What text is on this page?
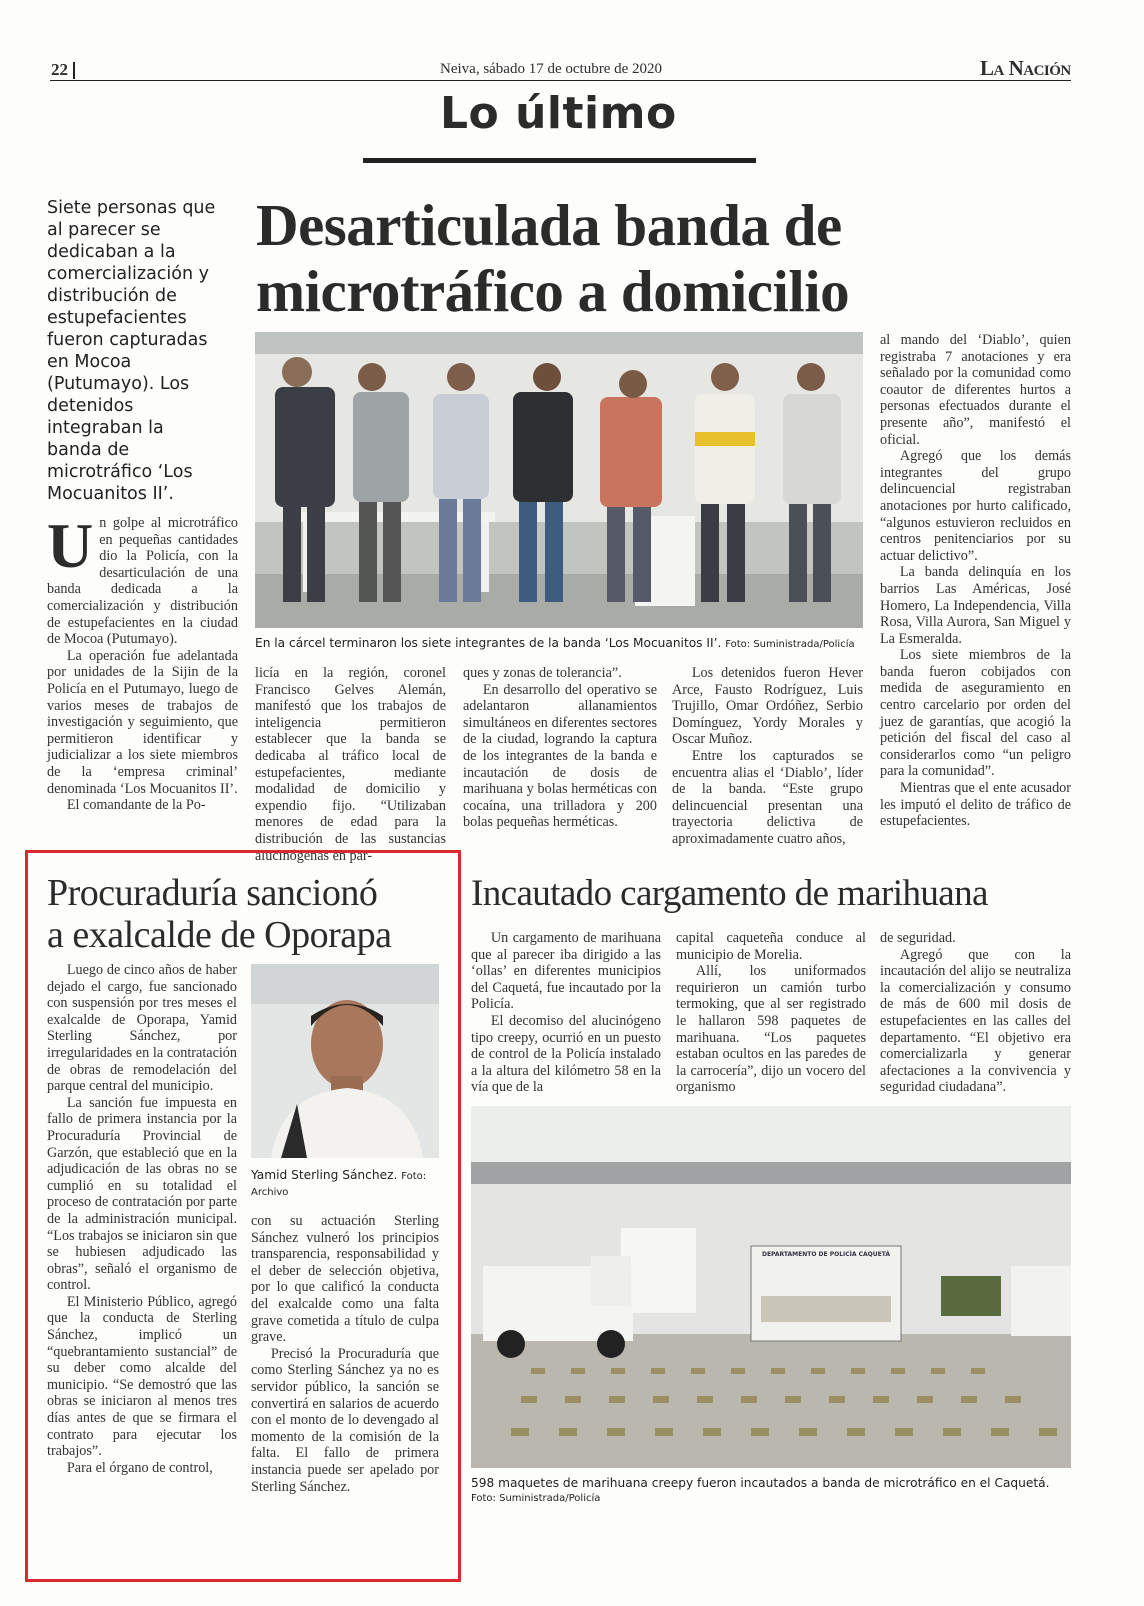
22	Neiva, sábado 17 de octubre de 2020	La Nación
Lo último
Siete personas que al parecer se dedicaban a la comercialización y distribución de estupefacientes fueron capturadas en Mocoa (Putumayo). Los detenidos integraban la banda de microtráfico ‘Los Mocuanitos II’.
Desarticulada banda de
microtráfico a domicilio
En la cárcel terminaron los siete integrantes de la banda ‘Los Mocuanitos II’. Foto: Suministrada/Policía
U n golpe al microtráfico en pequeñas cantidades dio la Policía, con la desarticulación de una banda dedicada a la comercialización y distribución de estupefacientes en la ciudad de Mocoa (Putumayo).

La operación fue adelantada por unidades de la Sijin de la Policía en el Putumayo, luego de varios meses de trabajos de investigación y seguimiento, que permitieron identificar y judicializar a los siete miembros de la ‘empresa criminal’ denominada ‘Los Mocuanitos II’.

El comandante de la Po-

licía en la región, coronel Francisco Gelves Alemán, manifestó que los trabajos de inteligencia permitieron establecer que la banda se dedicaba al tráfico local de estupefacientes, mediante modalidad de domicilio y expendio fijo. “Utilizaban menores de edad para la distribución de las sustancias alucinógenas en par-

ques y zonas de tolerancia”.

En desarrollo del operativo se adelantaron allanamientos simultáneos en diferentes sectores de la ciudad, logrando la captura de los integrantes de la banda e incautación de dosis de marihuana y bolas herméticas con cocaína, una trilladora y 200 bolas pequeñas herméticas.

Los detenidos fueron Hever Arce, Fausto Rodríguez, Luis Trujillo, Omar Ordóñez, Serbio Domínguez, Yordy Morales y Oscar Muñoz.

Entre los capturados se encuentra alias el ‘Diablo’, líder de la banda. “Este grupo delincuencial presentan una trayectoria delictiva de aproximadamente cuatro años,

al mando del ‘Diablo’, quien registraba 7 anotaciones y era señalado por la comunidad como coautor de diferentes hurtos a personas efectuados durante el presente año”, manifestó el oficial.

Agregó que los demás integrantes del grupo delincuencial registraban anotaciones por hurto calificado, “algunos estuvieron recluidos en centros penitenciarios por su actuar delictivo”.

La banda delinquía en los barrios Las Américas, José Homero, La Independencia, Villa Rosa, Villa Aurora, San Miguel y La Esmeralda.

Los siete miembros de la banda fueron cobijados con medida de aseguramiento en centro carcelario por orden del juez de garantías, que acogió la petición del fiscal del caso al considerarlos como “un peligro para la comunidad”.

Mientras que el ente acusador les imputó el delito de tráfico de estupefacientes.

Procuraduría sancionó
a exalcalde de Oporapa
Yamid Sterling Sánchez. Foto: Archivo

Luego de cinco años de haber dejado el cargo, fue sancionado con suspensión por tres meses el exalcalde de Oporapa, Yamid Sterling Sánchez, por irregularidades en la contratación de obras de remodelación del parque central del municipio.

La sanción fue impuesta en fallo de primera instancia por la Procuraduría Provincial de Garzón, que estableció que en la adjudicación de las obras no se cumplió en su totalidad el proceso de contratación por parte de la administración municipal. “Los trabajos se iniciaron sin que se hubiesen adjudicado las obras”, señaló el organismo de control.

El Ministerio Público, agregó que la conducta de Sterling Sánchez, implicó un “quebrantamiento sustancial” de su deber como alcalde del municipio. “Se demostró que las obras se iniciaron al menos tres días antes de que se firmara el contrato para ejecutar los trabajos”.

Para el órgano de control,

con su actuación Sterling Sánchez vulneró los principios transparencia, responsabilidad y el deber de selección objetiva, por lo que calificó la conducta del exalcalde como una falta grave cometida a título de culpa grave.

Precisó la Procuraduría que como Sterling Sánchez ya no es servidor público, la sanción se convertirá en salarios de acuerdo con el monto de lo devengado al momento de la comisión de la falta. El fallo de primera instancia puede ser apelado por Sterling Sánchez.

Incautado cargamento de marihuana

Un cargamento de marihuana que al parecer iba dirigido a las ‘ollas’ en diferentes municipios del Caquetá, fue incautado por la Policía.

El decomiso del alucinógeno tipo creepy, ocurrió en un puesto de control de la Policía instalado a la altura del kilómetro 58 en la vía que de la

capital caqueteña conduce al municipio de Morelia.

Allí, los uniformados requirieron un camión turbo termoking, que al ser registrado le hallaron 598 paquetes de marihuana. “Los paquetes estaban ocultos en las paredes de la carrocería”, dijo un vocero del organismo

de seguridad.

Agregó que con la incautación del alijo se neutraliza la comercialización y consumo de más de 600 mil dosis de estupefacientes en las calles del departamento. “El objetivo era comercializarla y generar afectaciones a la convivencia y seguridad ciudadana”.

DEPARTAMENTO DE POLICÍA CAQUETÁ
598 maquetes de marihuana creepy fueron incautados a banda de microtráfico en el Caquetá.
Foto: Suministrada/Policía
